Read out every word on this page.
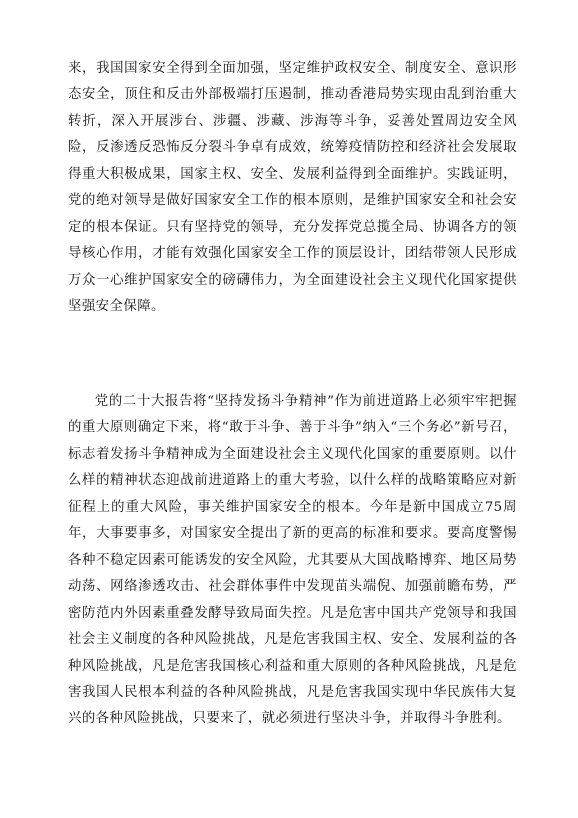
来，我国国家安全得到全面加强，坚定维护政权安全、制度安全、意识形态安全，顶住和反击外部极端打压遏制，推动香港局势实现由乱到治重大转折，深入开展涉台、涉疆、涉藏、涉海等斗争，妥善处置周边安全风险，反渗透反恐怖反分裂斗争卓有成效，统筹疫情防控和经济社会发展取得重大积极成果，国家主权、安全、发展利益得到全面维护。实践证明，党的绝对领导是做好国家安全工作的根本原则，是维护国家安全和社会安定的根本保证。只有坚持党的领导，充分发挥党总揽全局、协调各方的领导核心作用，才能有效强化国家安全工作的顶层设计，团结带领人民形成万众一心维护国家安全的磅礴伟力，为全面建设社会主义现代化国家提供坚强安全保障。

党的二十大报告将“坚持发扬斗争精神”作为前进道路上必须牢牢把握的重大原则确定下来，将“敢于斗争、善于斗争”纳入“三个务必”新号召，标志着发扬斗争精神成为全面建设社会主义现代化国家的重要原则。以什么样的精神状态迎战前进道路上的重大考验，以什么样的战略策略应对新征程上的重大风险，事关维护国家安全的根本。今年是新中国成立75周年，大事要事多，对国家安全提出了新的更高的标准和要求。要高度警惕各种不稳定因素可能诱发的安全风险，尤其要从大国战略博弈、地区局势动荡、网络渗透攻击、社会群体事件中发现苗头端倪、加强前瞻布势，严密防范内外因素重叠发酵导致局面失控。凡是危害中国共产党领导和我国社会主义制度的各种风险挑战，凡是危害我国主权、安全、发展利益的各种风险挑战，凡是危害我国核心利益和重大原则的各种风险挑战，凡是危害我国人民根本利益的各种风险挑战，凡是危害我国实现中华民族伟大复兴的各种风险挑战，只要来了，就必须进行坚决斗争，并取得斗争胜利。
